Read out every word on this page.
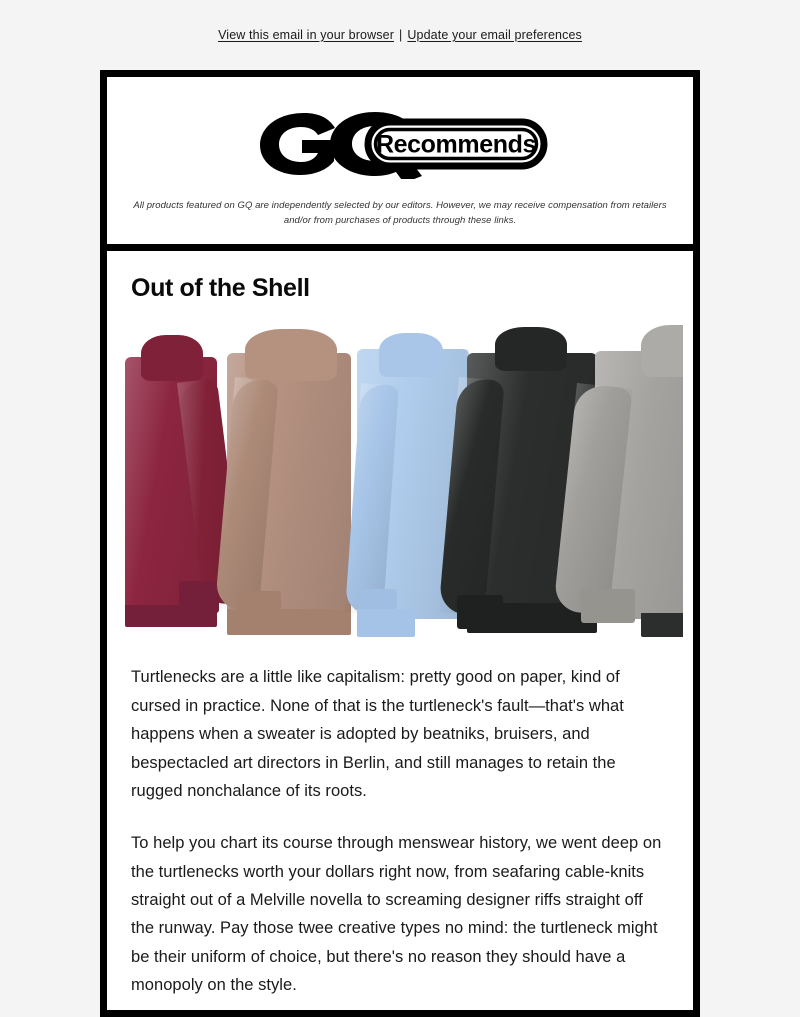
View this email in your browser | Update your email preferences
Recommends
All products featured on GQ are independently selected by our editors. However, we may receive compensation from retailers and/or from purchases of products through these links.
Out of the Shell

Turtlenecks are a little like capitalism: pretty good on paper, kind of cursed in practice. None of that is the turtleneck's fault—that's what happens when a sweater is adopted by beatniks, bruisers, and bespectacled art directors in Berlin, and still manages to retain the rugged nonchalance of its roots.

To help you chart its course through menswear history, we went deep on the turtlenecks worth your dollars right now, from seafaring cable-knits straight out of a Melville novella to screaming designer riffs straight off the runway. Pay those twee creative types no mind: the turtleneck might be their uniform of choice, but there's no reason they should have a monopoly on the style.
